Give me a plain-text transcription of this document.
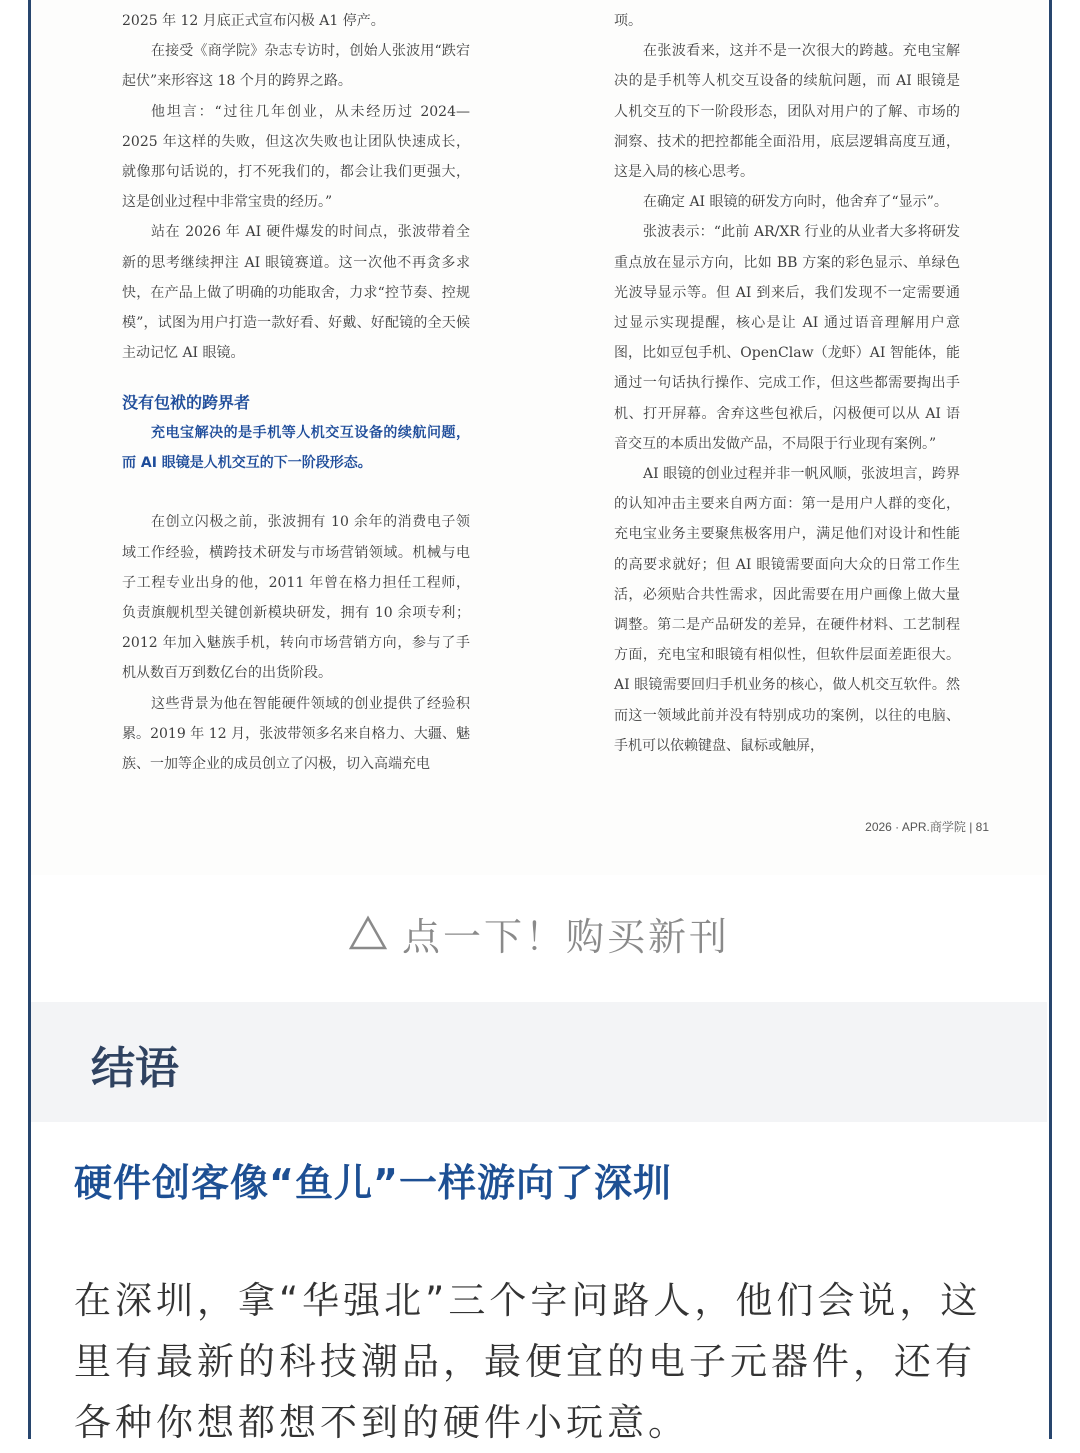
2025 年 12 月底正式宣布闪极 A1 停产。

在接受《商学院》杂志专访时，创始人张波用“跌宕起伏”来形容这 18 个月的跨界之路。

他坦言：“过往几年创业，从未经历过 2024—2025 年这样的失败，但这次失败也让团队快速成长，就像那句话说的，打不死我们的，都会让我们更强大，这是创业过程中非常宝贵的经历。”

站在 2026 年 AI 硬件爆发的时间点，张波带着全新的思考继续押注 AI 眼镜赛道。这一次他不再贪多求快，在产品上做了明确的功能取舍，力求“控节奏、控规模”，试图为用户打造一款好看、好戴、好配镜的全天候主动记忆 AI 眼镜。

没有包袱的跨界者

充电宝解决的是手机等人机交互设备的续航问题，而 AI 眼镜是人机交互的下一阶段形态。

在创立闪极之前，张波拥有 10 余年的消费电子领域工作经验，横跨技术研发与市场营销领域。机械与电子工程专业出身的他，2011 年曾在格力担任工程师，负责旗舰机型关键创新模块研发，拥有 10 余项专利；2012 年加入魅族手机，转向市场营销方向，参与了手机从数百万到数亿台的出货阶段。

这些背景为他在智能硬件领域的创业提供了经验积累。2019 年 12 月，张波带领多名来自格力、大疆、魅族、一加等企业的成员创立了闪极，切入高端充电

项。

在张波看来，这并不是一次很大的跨越。充电宝解决的是手机等人机交互设备的续航问题，而 AI 眼镜是人机交互的下一阶段形态，团队对用户的了解、市场的洞察、技术的把控都能全面沿用，底层逻辑高度互通，这是入局的核心思考。

在确定 AI 眼镜的研发方向时，他舍弃了“显示”。

张波表示：“此前 AR/XR 行业的从业者大多将研发重点放在显示方向，比如 BB 方案的彩色显示、单绿色光波导显示等。但 AI 到来后，我们发现不一定需要通过显示实现提醒，核心是让 AI 通过语音理解用户意图，比如豆包手机、OpenClaw（龙虾）AI 智能体，能通过一句话执行操作、完成工作，但这些都需要掏出手机、打开屏幕。舍弃这些包袱后，闪极便可以从 AI 语音交互的本质出发做产品，不局限于行业现有案例。”

AI 眼镜的创业过程并非一帆风顺，张波坦言，跨界的认知冲击主要来自两方面：第一是用户人群的变化，充电宝业务主要聚焦极客用户，满足他们对设计和性能的高要求就好；但 AI 眼镜需要面向大众的日常工作生活，必须贴合共性需求，因此需要在用户画像上做大量调整。第二是产品研发的差异，在硬件材料、工艺制程方面，充电宝和眼镜有相似性，但软件层面差距很大。AI 眼镜需要回归手机业务的核心，做人机交互软件。然而这一领域此前并没有特别成功的案例，以往的电脑、手机可以依赖键盘、鼠标或触屏，

2026 · APR.商学院 | 81
点一下！购买新刊
结语
硬件创客像“鱼儿”一样游向了深圳
在深圳，拿“华强北”三个字问路人，他们会说，这里有最新的科技潮品，最便宜的电子元器件，还有各种你想都想不到的硬件小玩意。
